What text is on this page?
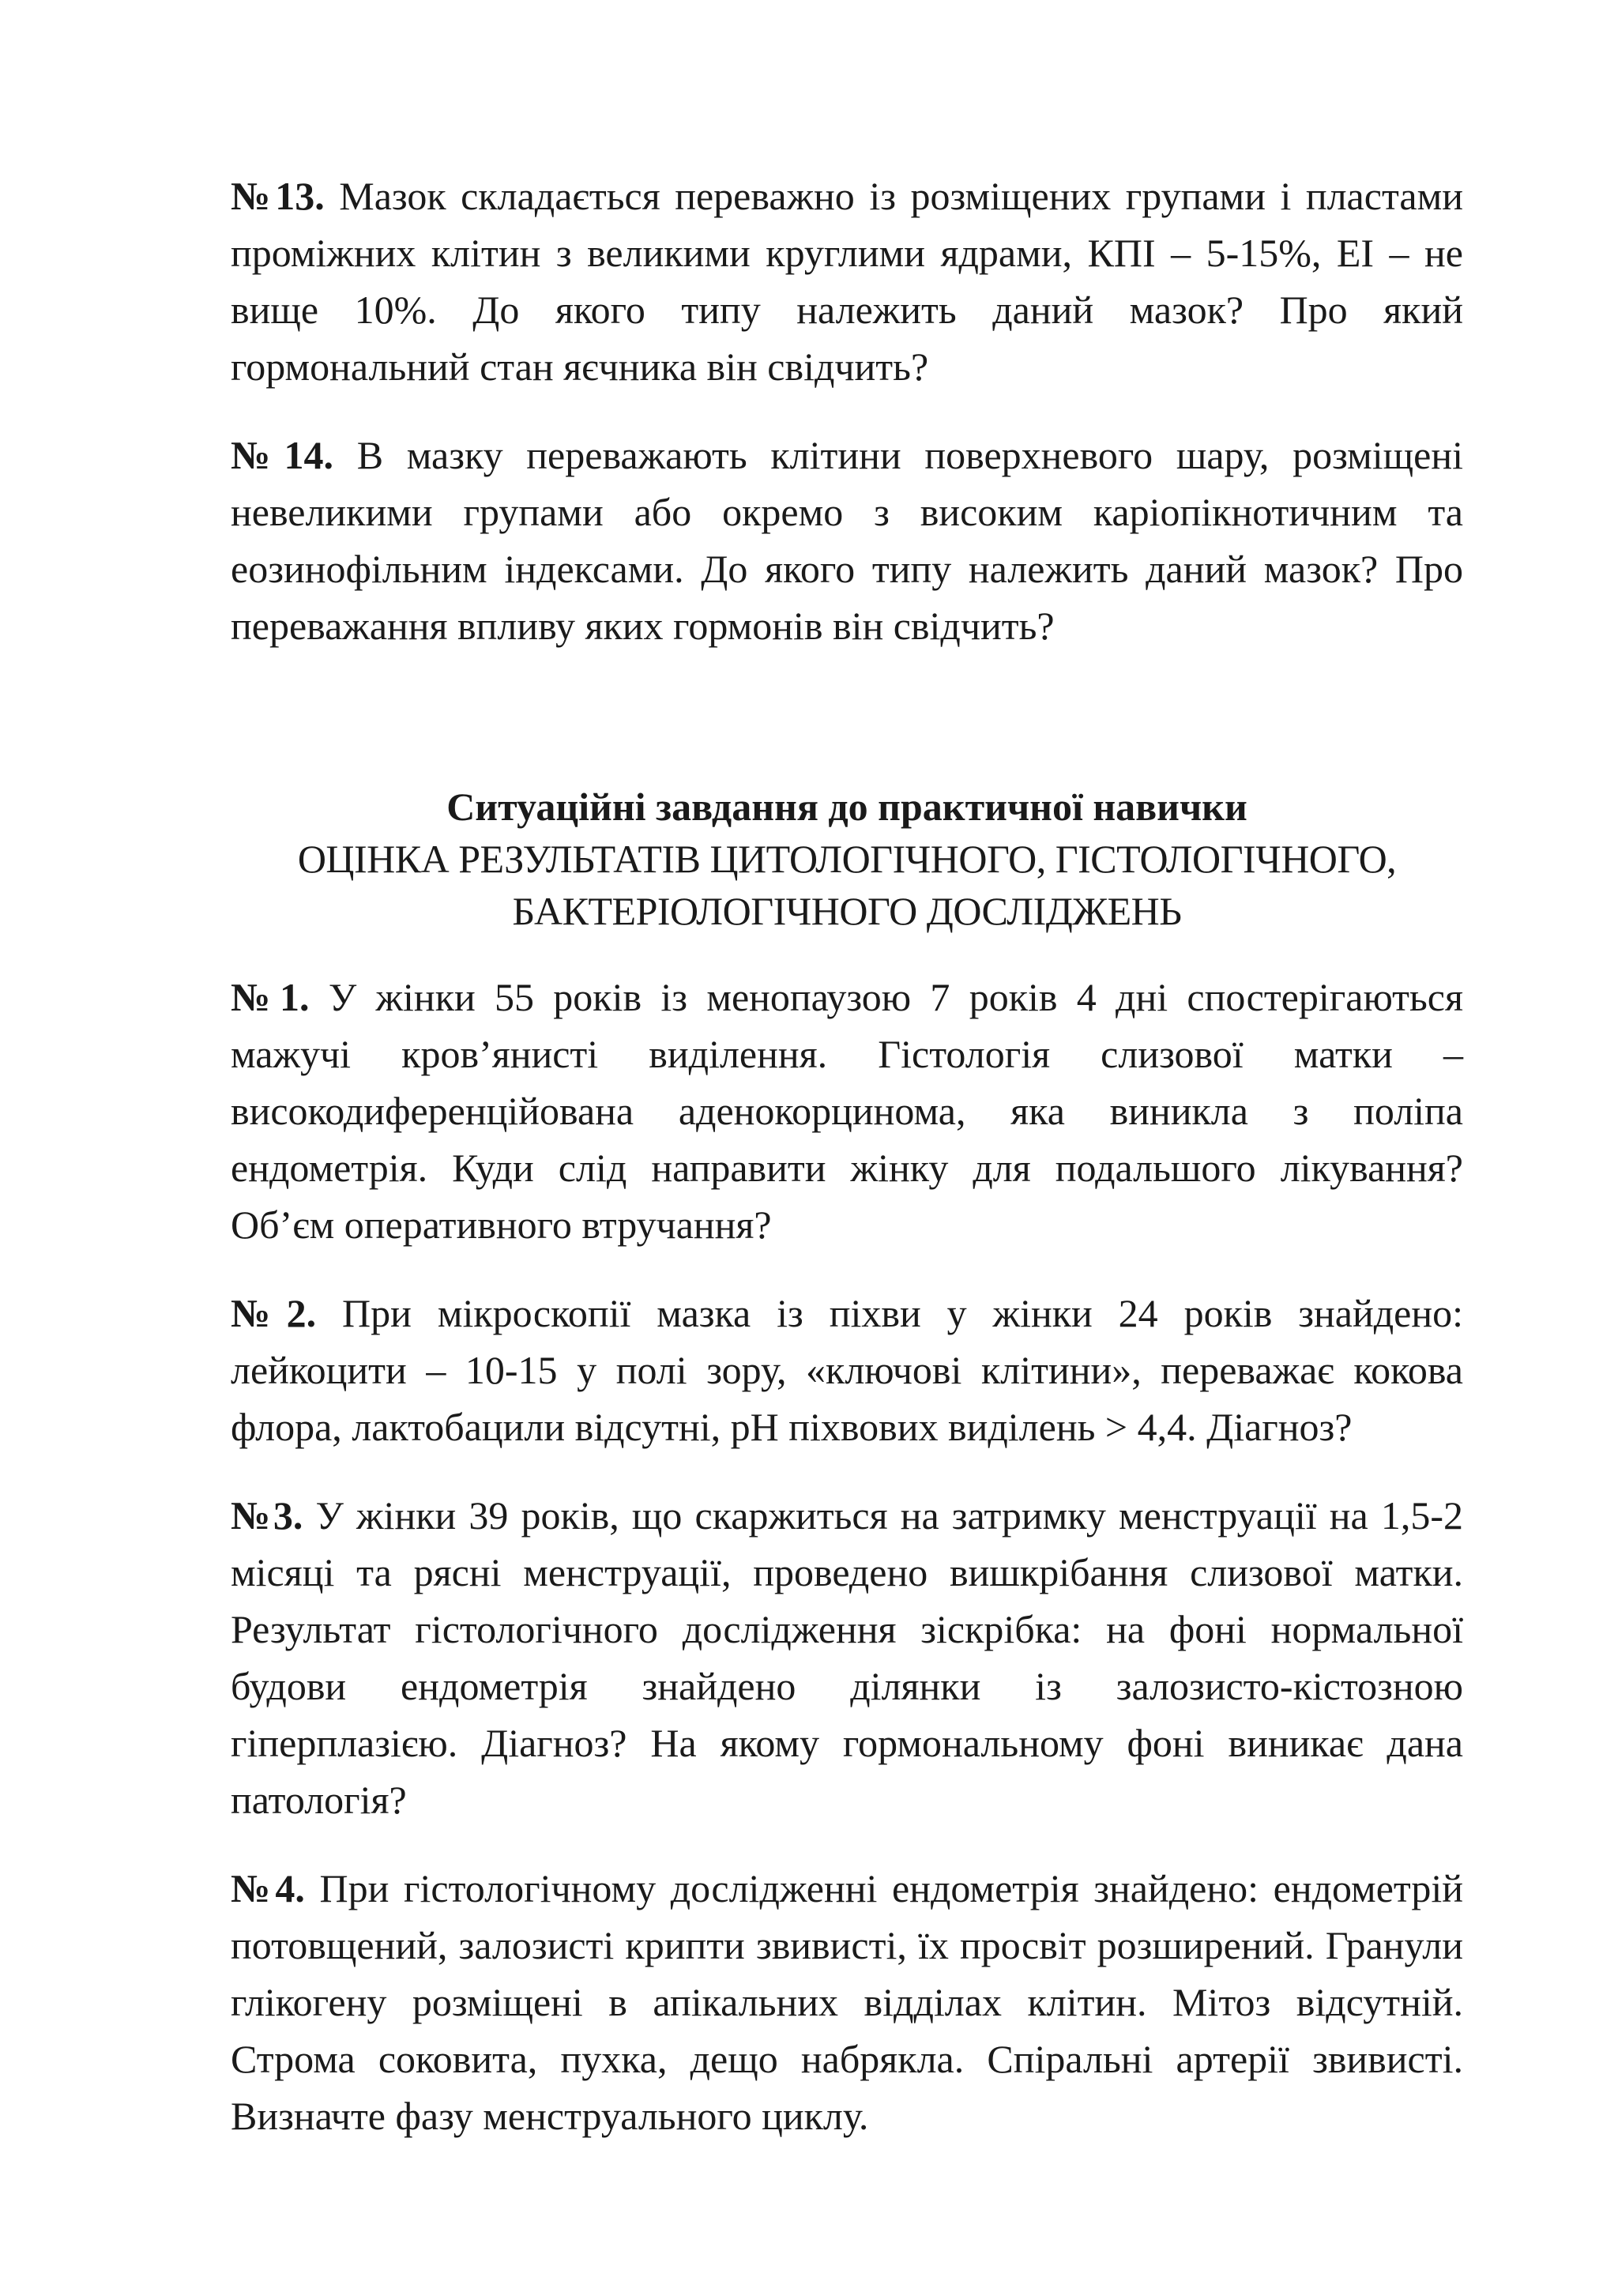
№13. Мазок складається переважно із розміщених групами і пластами проміжних клітин з великими круглими ядрами, КПІ – 5-15%, ЕІ – не вище 10%. До якого типу належить даний мазок? Про який гормональний стан яєчника він свідчить?

№14. В мазку переважають клітини поверхневого шару, розміщені невеликими групами або окремо з високим каріопікнотичним та еозинофільним індексами. До якого типу належить даний мазок? Про переважання впливу яких гормонів він свідчить?

Ситуаційні завдання до практичної навички
ОЦІНКА РЕЗУЛЬТАТІВ ЦИТОЛОГІЧНОГО, ГІСТОЛОГІЧНОГО,
БАКТЕРІОЛОГІЧНОГО ДОСЛІДЖЕНЬ

№1. У жінки 55 років із менопаузою 7 років 4 дні спостерігаються мажучі кров’янисті виділення. Гістологія слизової матки – високодиференційована аденокорцинома, яка виникла з поліпа ендометрія. Куди слід направити жінку для подальшого лікування? Об’єм оперативного втручання?

№2. При мікроскопії мазка із піхви у жінки 24 років знайдено: лейкоцити – 10-15 у полі зору, «ключові клітини», переважає кокова флора, лактобацили відсутні, pH піхвових виділень > 4,4. Діагноз?

№3. У жінки 39 років, що скаржиться на затримку менструації на 1,5-2 місяці та рясні менструації, проведено вишкрібання слизової матки. Результат гістологічного дослідження зіскрібка: на фоні нормальної будови ендометрія знайдено ділянки із залозисто-кістозною гіперплазією. Діагноз? На якому гормональному фоні виникає дана патологія?

№4. При гістологічному дослідженні ендометрія знайдено: ендометрій потовщений, залозисті крипти звивисті, їх просвіт розширений. Гранули глікогену розміщені в апікальних відділах клітин. Мітоз відсутній. Строма соковита, пухка, дещо набрякла. Спіральні артерії звивисті. Визначте фазу менструального циклу.
